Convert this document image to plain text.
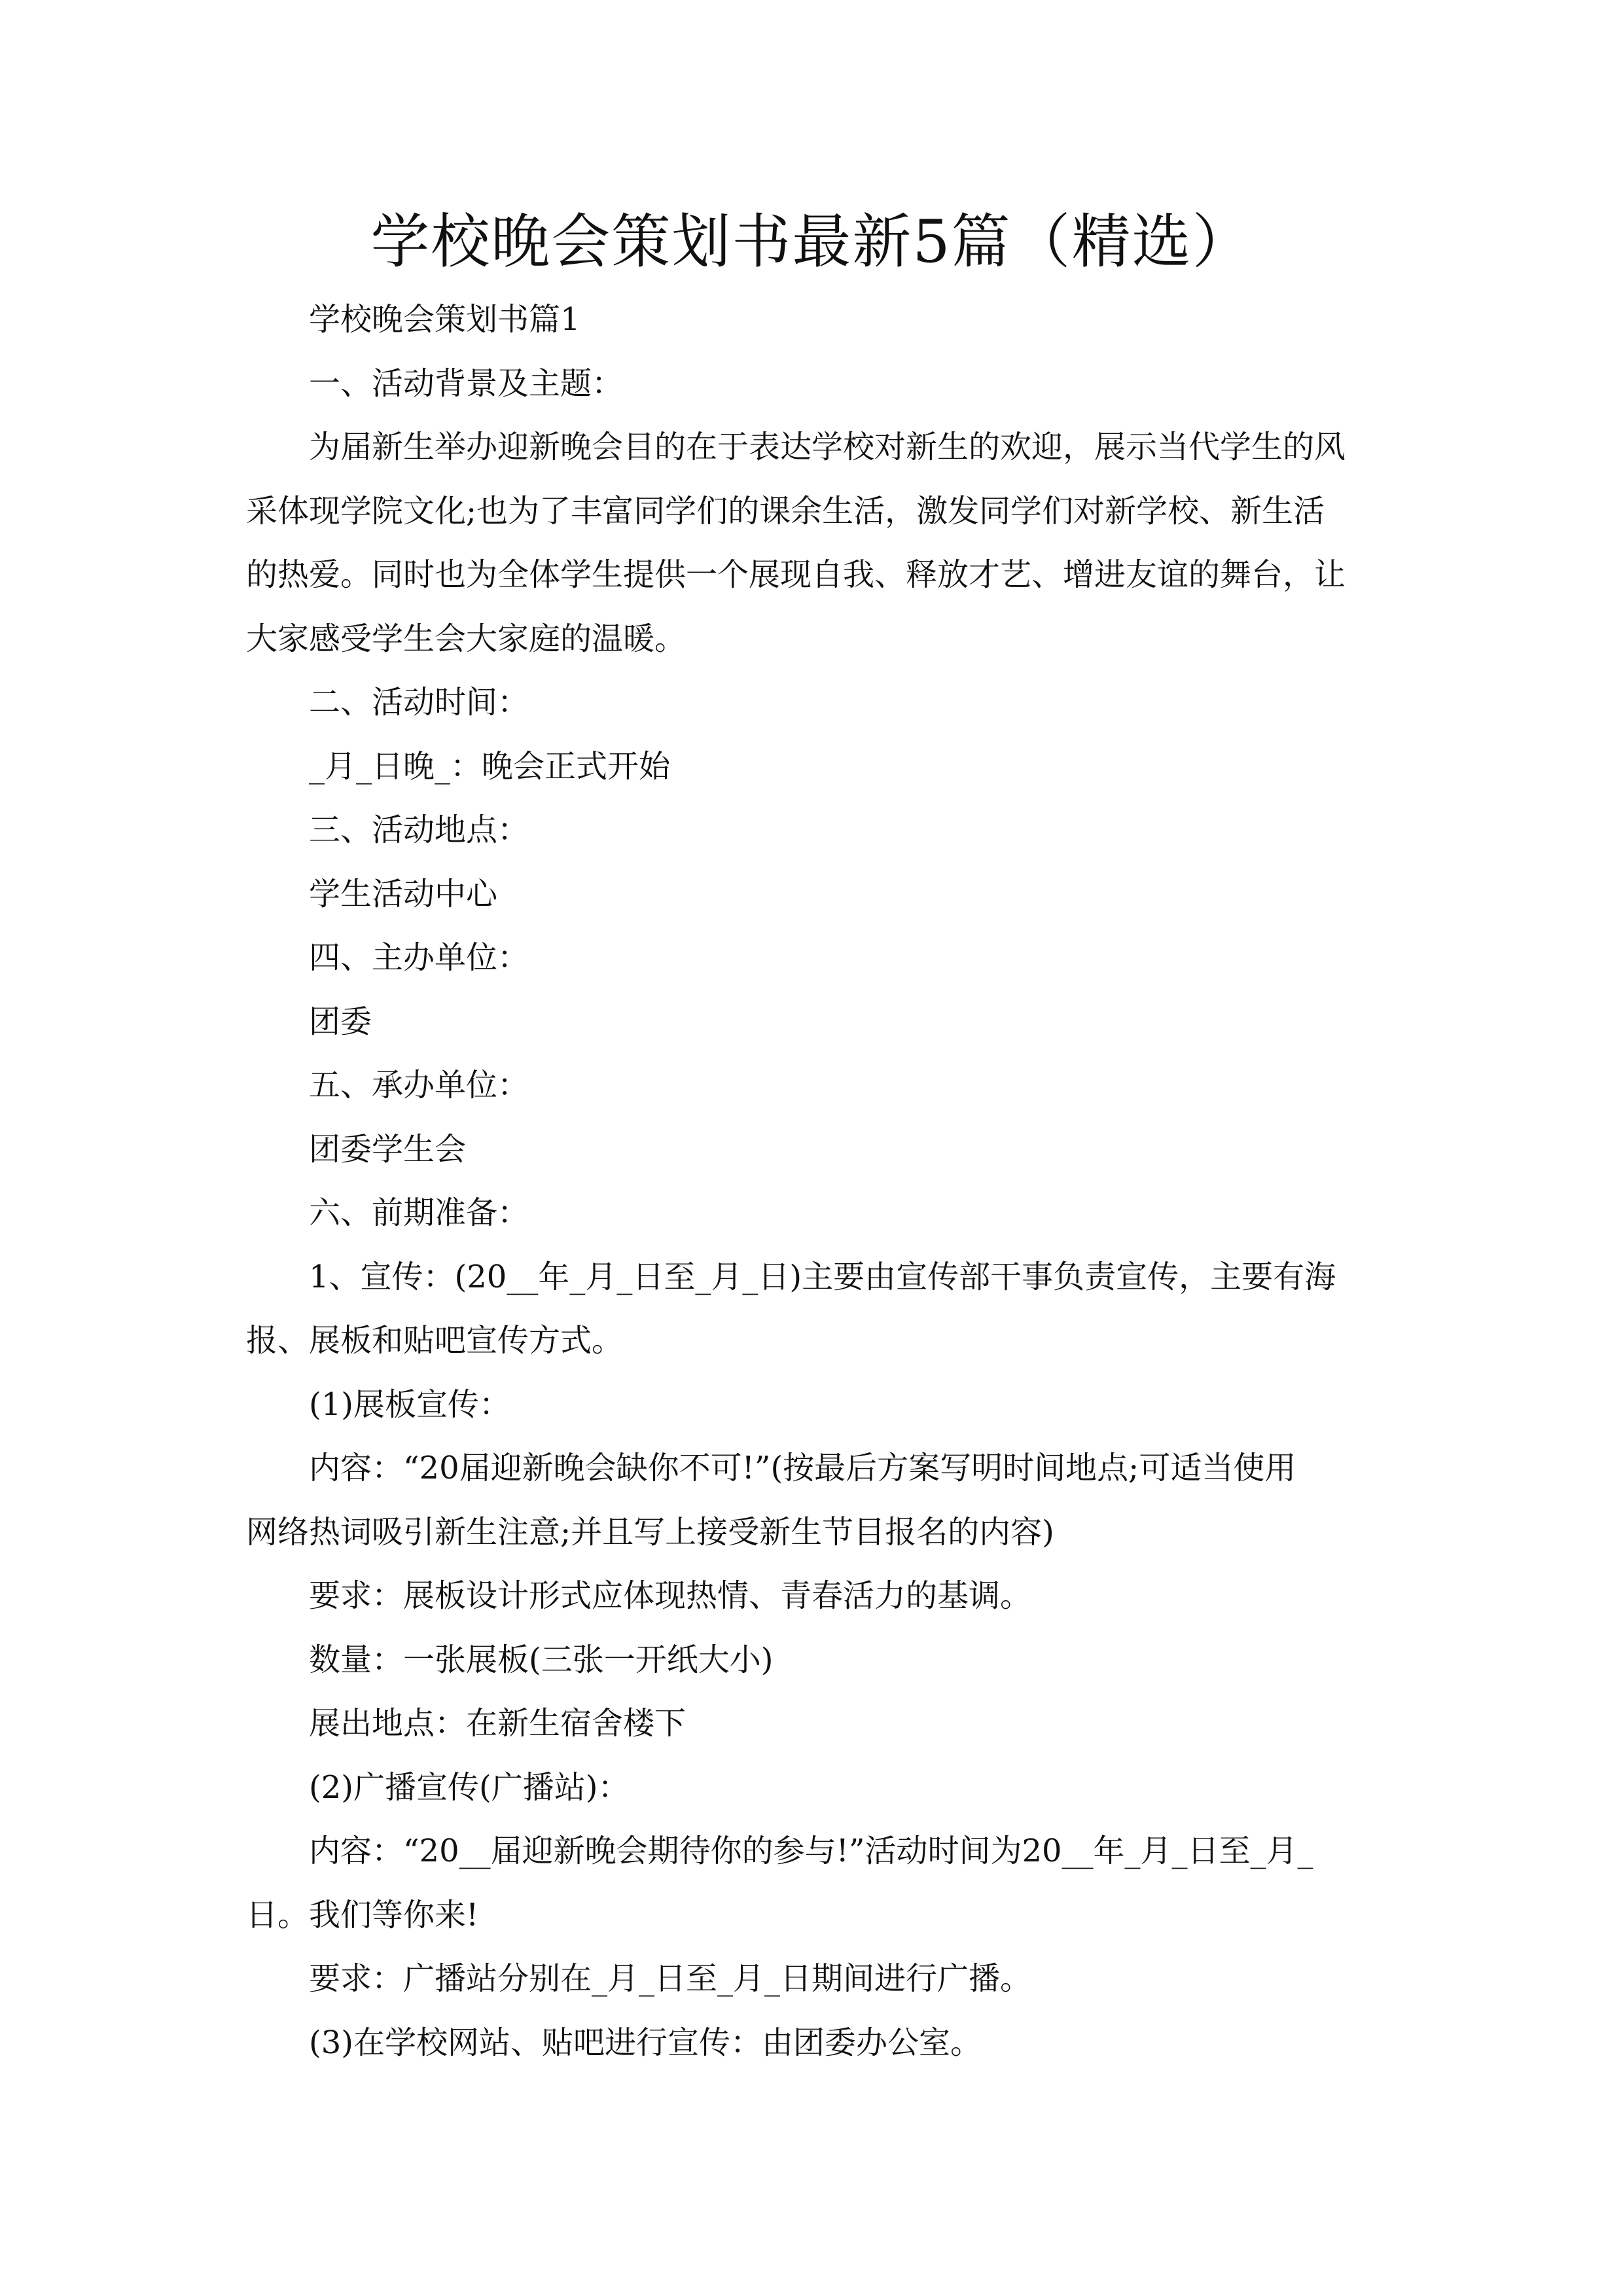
学校晚会策划书最新5篇（精选）
学校晚会策划书篇1
一、活动背景及主题：
为届新生举办迎新晚会目的在于表达学校对新生的欢迎，展示当代学生的风
采体现学院文化;也为了丰富同学们的课余生活，激发同学们对新学校、新生活
的热爱。同时也为全体学生提供一个展现自我、释放才艺、增进友谊的舞台，让
大家感受学生会大家庭的温暖。
二、活动时间：
_月_日晚_：晚会正式开始
三、活动地点：
学生活动中心
四、主办单位：
团委
五、承办单位：
团委学生会
六、前期准备：
1、宣传：(20__年_月_日至_月_日)主要由宣传部干事负责宣传，主要有海
报、展板和贴吧宣传方式。
(1)展板宣传：
内容：“20届迎新晚会缺你不可!”(按最后方案写明时间地点;可适当使用
网络热词吸引新生注意;并且写上接受新生节目报名的内容)
要求：展板设计形式应体现热情、青春活力的基调。
数量：一张展板(三张一开纸大小)
展出地点：在新生宿舍楼下
(2)广播宣传(广播站)：
内容：“20__届迎新晚会期待你的参与!”活动时间为20__年_月_日至_月_
日。我们等你来!
要求：广播站分别在_月_日至_月_日期间进行广播。
(3)在学校网站、贴吧进行宣传：由团委办公室。
